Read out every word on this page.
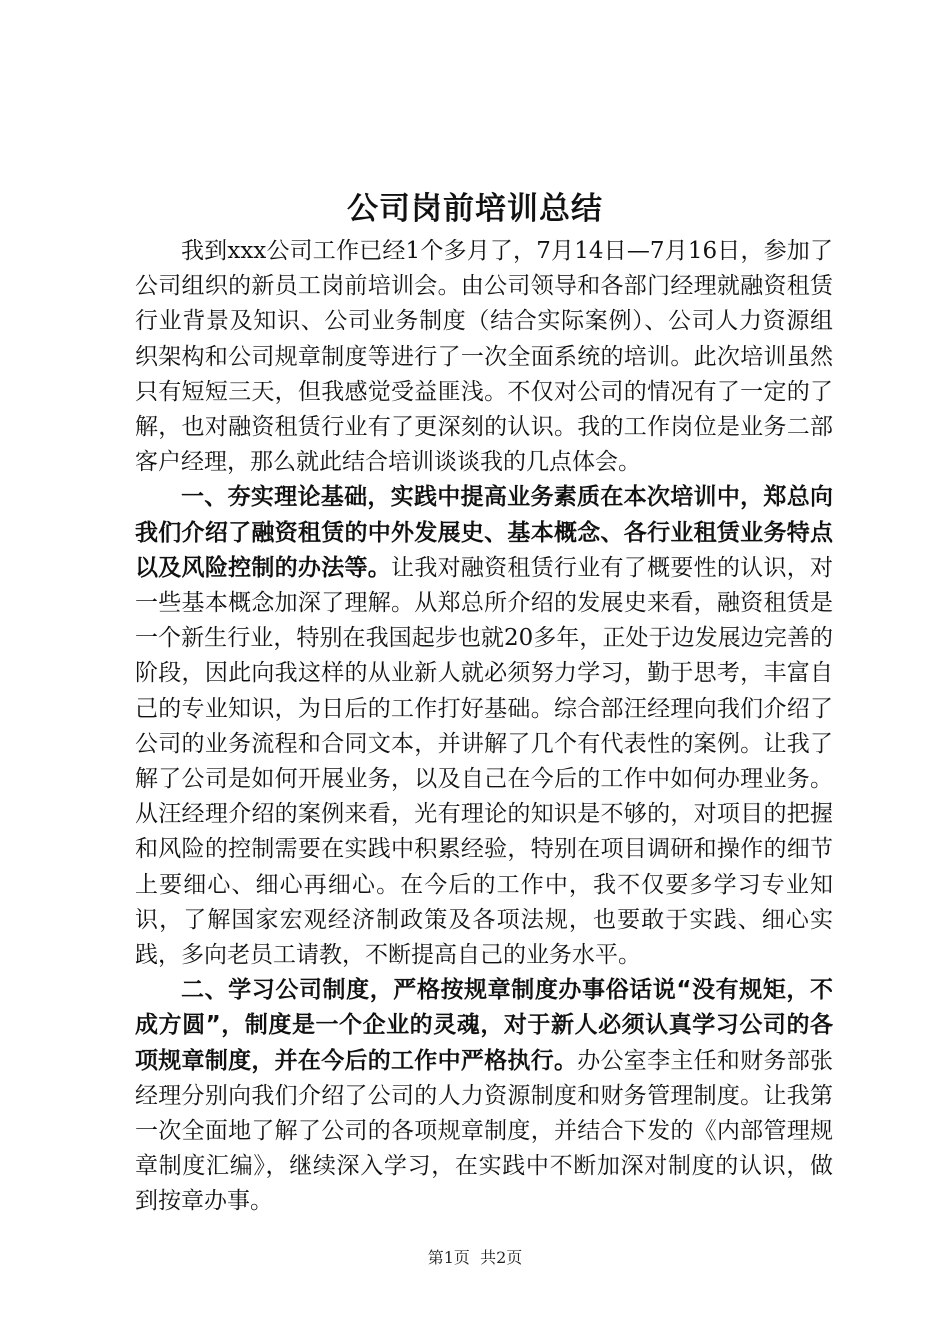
公司岗前培训总结

我到xxx公司工作已经1个多月了，7月14日—7月16日，参加了公司组织的新员工岗前培训会。由公司领导和各部门经理就融资租赁行业背景及知识、公司业务制度（结合实际案例）、公司人力资源组织架构和公司规章制度等进行了一次全面系统的培训。此次培训虽然只有短短三天，但我感觉受益匪浅。不仅对公司的情况有了一定的了解，也对融资租赁行业有了更深刻的认识。我的工作岗位是业务二部客户经理，那么就此结合培训谈谈我的几点体会。

一、夯实理论基础，实践中提高业务素质在本次培训中，郑总向我们介绍了融资租赁的中外发展史、基本概念、各行业租赁业务特点以及风险控制的办法等。让我对融资租赁行业有了概要性的认识，对一些基本概念加深了理解。从郑总所介绍的发展史来看，融资租赁是一个新生行业，特别在我国起步也就20多年，正处于边发展边完善的阶段，因此向我这样的从业新人就必须努力学习，勤于思考，丰富自己的专业知识，为日后的工作打好基础。综合部汪经理向我们介绍了公司的业务流程和合同文本，并讲解了几个有代表性的案例。让我了解了公司是如何开展业务，以及自己在今后的工作中如何办理业务。从汪经理介绍的案例来看，光有理论的知识是不够的，对项目的把握和风险的控制需要在实践中积累经验，特别在项目调研和操作的细节上要细心、细心再细心。在今后的工作中，我不仅要多学习专业知识，了解国家宏观经济制政策及各项法规，也要敢于实践、细心实践，多向老员工请教，不断提高自己的业务水平。

二、学习公司制度，严格按规章制度办事俗话说“没有规矩，不成方圆”，制度是一个企业的灵魂，对于新人必须认真学习公司的各项规章制度，并在今后的工作中严格执行。办公室李主任和财务部张经理分别向我们介绍了公司的人力资源制度和财务管理制度。让我第一次全面地了解了公司的各项规章制度，并结合下发的《内部管理规章制度汇编》，继续深入学习，在实践中不断加深对制度的认识，做到按章办事。

第1页  共2页
